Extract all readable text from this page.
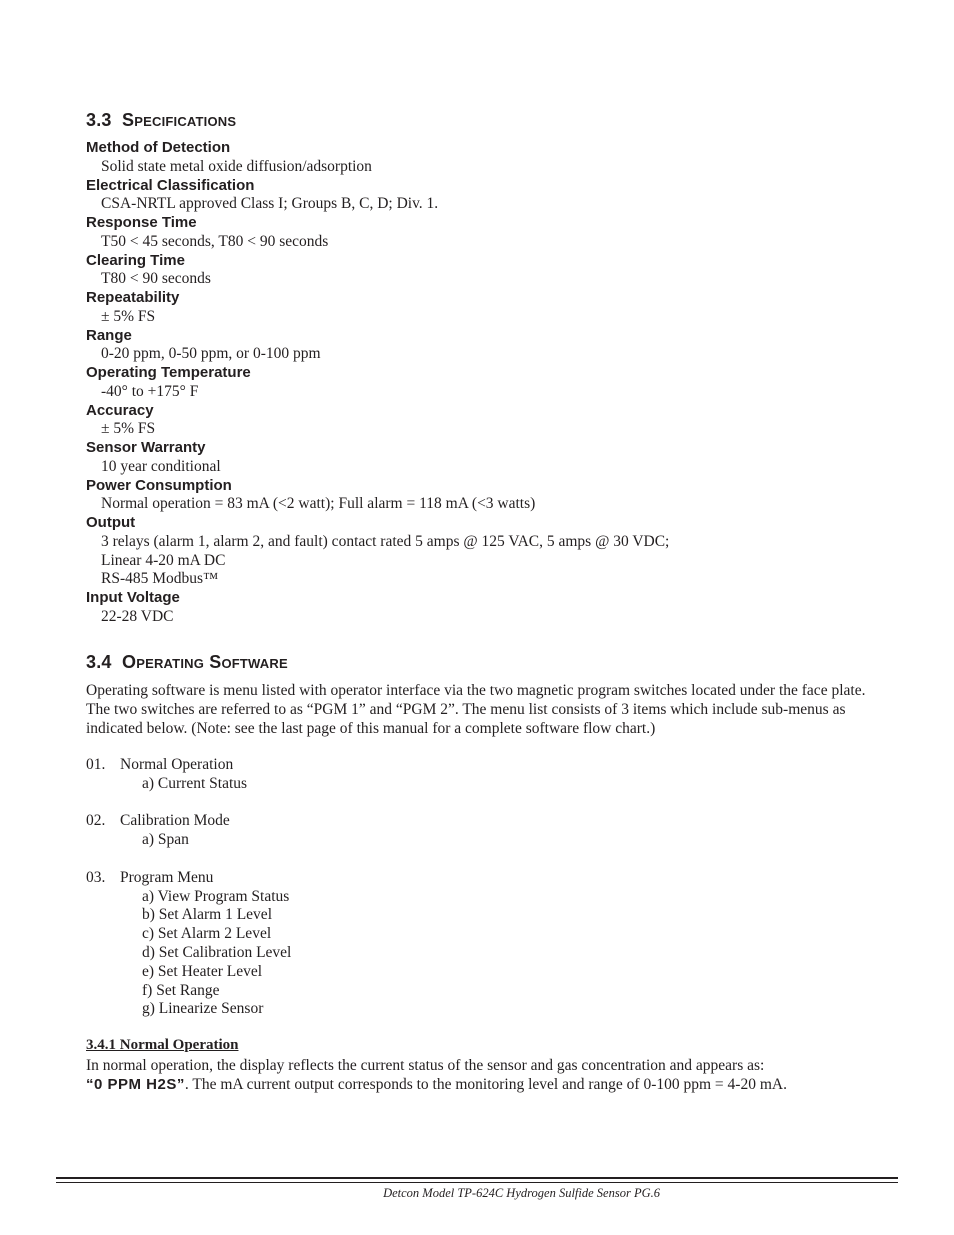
3.3 Specifications
Method of Detection
Solid state metal oxide diffusion/adsorption
Electrical Classification
CSA-NRTL approved Class I; Groups B, C, D; Div. 1.
Response Time
T50 < 45 seconds, T80 < 90 seconds
Clearing Time
T80 < 90 seconds
Repeatability
± 5% FS
Range
0-20 ppm, 0-50 ppm, or 0-100 ppm
Operating Temperature
-40° to +175° F
Accuracy
± 5% FS
Sensor Warranty
10 year conditional
Power Consumption
Normal operation = 83 mA (<2 watt); Full alarm = 118 mA (<3 watts)
Output
3 relays (alarm 1, alarm 2, and fault) contact rated 5 amps @ 125 VAC, 5 amps @ 30 VDC;
Linear 4-20 mA DC
RS-485 Modbus™
Input Voltage
22-28 VDC
3.4 Operating Software
Operating software is menu listed with operator interface via the two magnetic program switches located under the face plate. The two switches are referred to as “PGM 1” and “PGM 2”. The menu list consists of 3 items which include sub-menus as indicated below. (Note: see the last page of this manual for a complete software flow chart.)
01. Normal Operation
a) Current Status
02. Calibration Mode
a) Span
03. Program Menu
a) View Program Status
b) Set Alarm 1 Level
c) Set Alarm 2 Level
d) Set Calibration Level
e) Set Heater Level
f) Set Range
g) Linearize Sensor
3.4.1 Normal Operation
In normal operation, the display reflects the current status of the sensor and gas concentration and appears as:
“0 PPM H2S”. The mA current output corresponds to the monitoring level and range of 0-100 ppm = 4-20 mA.
Detcon Model TP-624C Hydrogen Sulfide Sensor PG.6
